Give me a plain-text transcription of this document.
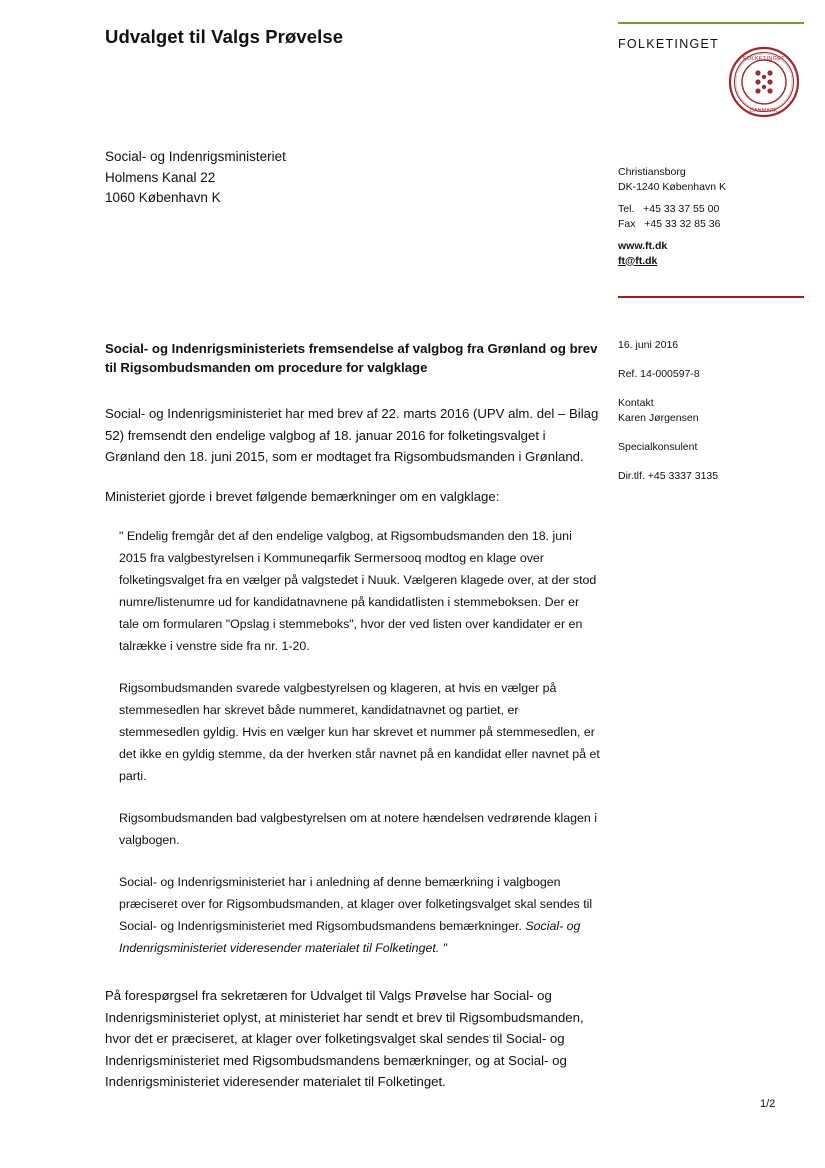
Udvalget til Valgs Prøvelse	FOLKETINGET
FOLKETINGET
DANMARK
Social- og Indenrigsministeriet
Holmens Kanal 22
1060 København K
Christiansborg
DK-1240 København K
Tel.   +45 33 37 55 00
Fax   +45 33 32 85 36
www.ft.dk
ft@ft.dk
16. juni 2016
Ref. 14-000597-8
Kontakt
Karen Jørgensen
Specialkonsulent
Dir.tlf. +45 3337 3135
Social- og Indenrigsministeriets fremsendelse af valgbog fra Grønland og brev til Rigsombudsmanden om procedure for valgklage

Social- og Indenrigsministeriet har med brev af 22. marts 2016 (UPV alm. del – Bilag 52) fremsendt den endelige valgbog af 18. januar 2016 for folketingsvalget i Grønland den 18. juni 2015, som er modtaget fra Rigsombudsmanden i Grønland.

Ministeriet gjorde i brevet følgende bemærkninger om en valgklage:

" Endelig fremgår det af den endelige valgbog, at Rigsombudsmanden den 18. juni 2015 fra valgbestyrelsen i Kommuneqarfik Sermersooq modtog en klage over folketingsvalget fra en vælger på valgstedet i Nuuk. Vælgeren klagede over, at der stod numre/listenumre ud for kandidatnavnene på kandidatlisten i stemmeboksen. Der er tale om formularen "Opslag i stemmeboks", hvor der ved listen over kandidater er en talrække i venstre side fra nr. 1-20.

Rigsombudsmanden svarede valgbestyrelsen og klageren, at hvis en vælger på stemmesedlen har skrevet både nummeret, kandidatnavnet og partiet, er stemmesedlen gyldig. Hvis en vælger kun har skrevet et nummer på stemmesedlen, er det ikke en gyldig stemme, da der hverken står navnet på en kandidat eller navnet på et parti.

Rigsombudsmanden bad valgbestyrelsen om at notere hændelsen vedrørende klagen i valgbogen.

Social- og Indenrigsministeriet har i anledning af denne bemærkning i valgbogen præciseret over for Rigsombudsmanden, at klager over folketingsvalget skal sendes til Social- og Indenrigsministeriet med Rigsombudsmandens bemærkninger. Social- og Indenrigsministeriet videresender materialet til Folketinget. "

På forespørgsel fra sekretæren for Udvalget til Valgs Prøvelse har Social- og Indenrigsministeriet oplyst, at ministeriet har sendt et brev til Rigsombudsmanden, hvor det er præciseret, at klager over folketingsvalget skal sendes til Social- og Indenrigsministeriet med Rigsombudsmandens bemærkninger, og at Social- og Indenrigsministeriet videresender materialet til Folketinget.

1/2
